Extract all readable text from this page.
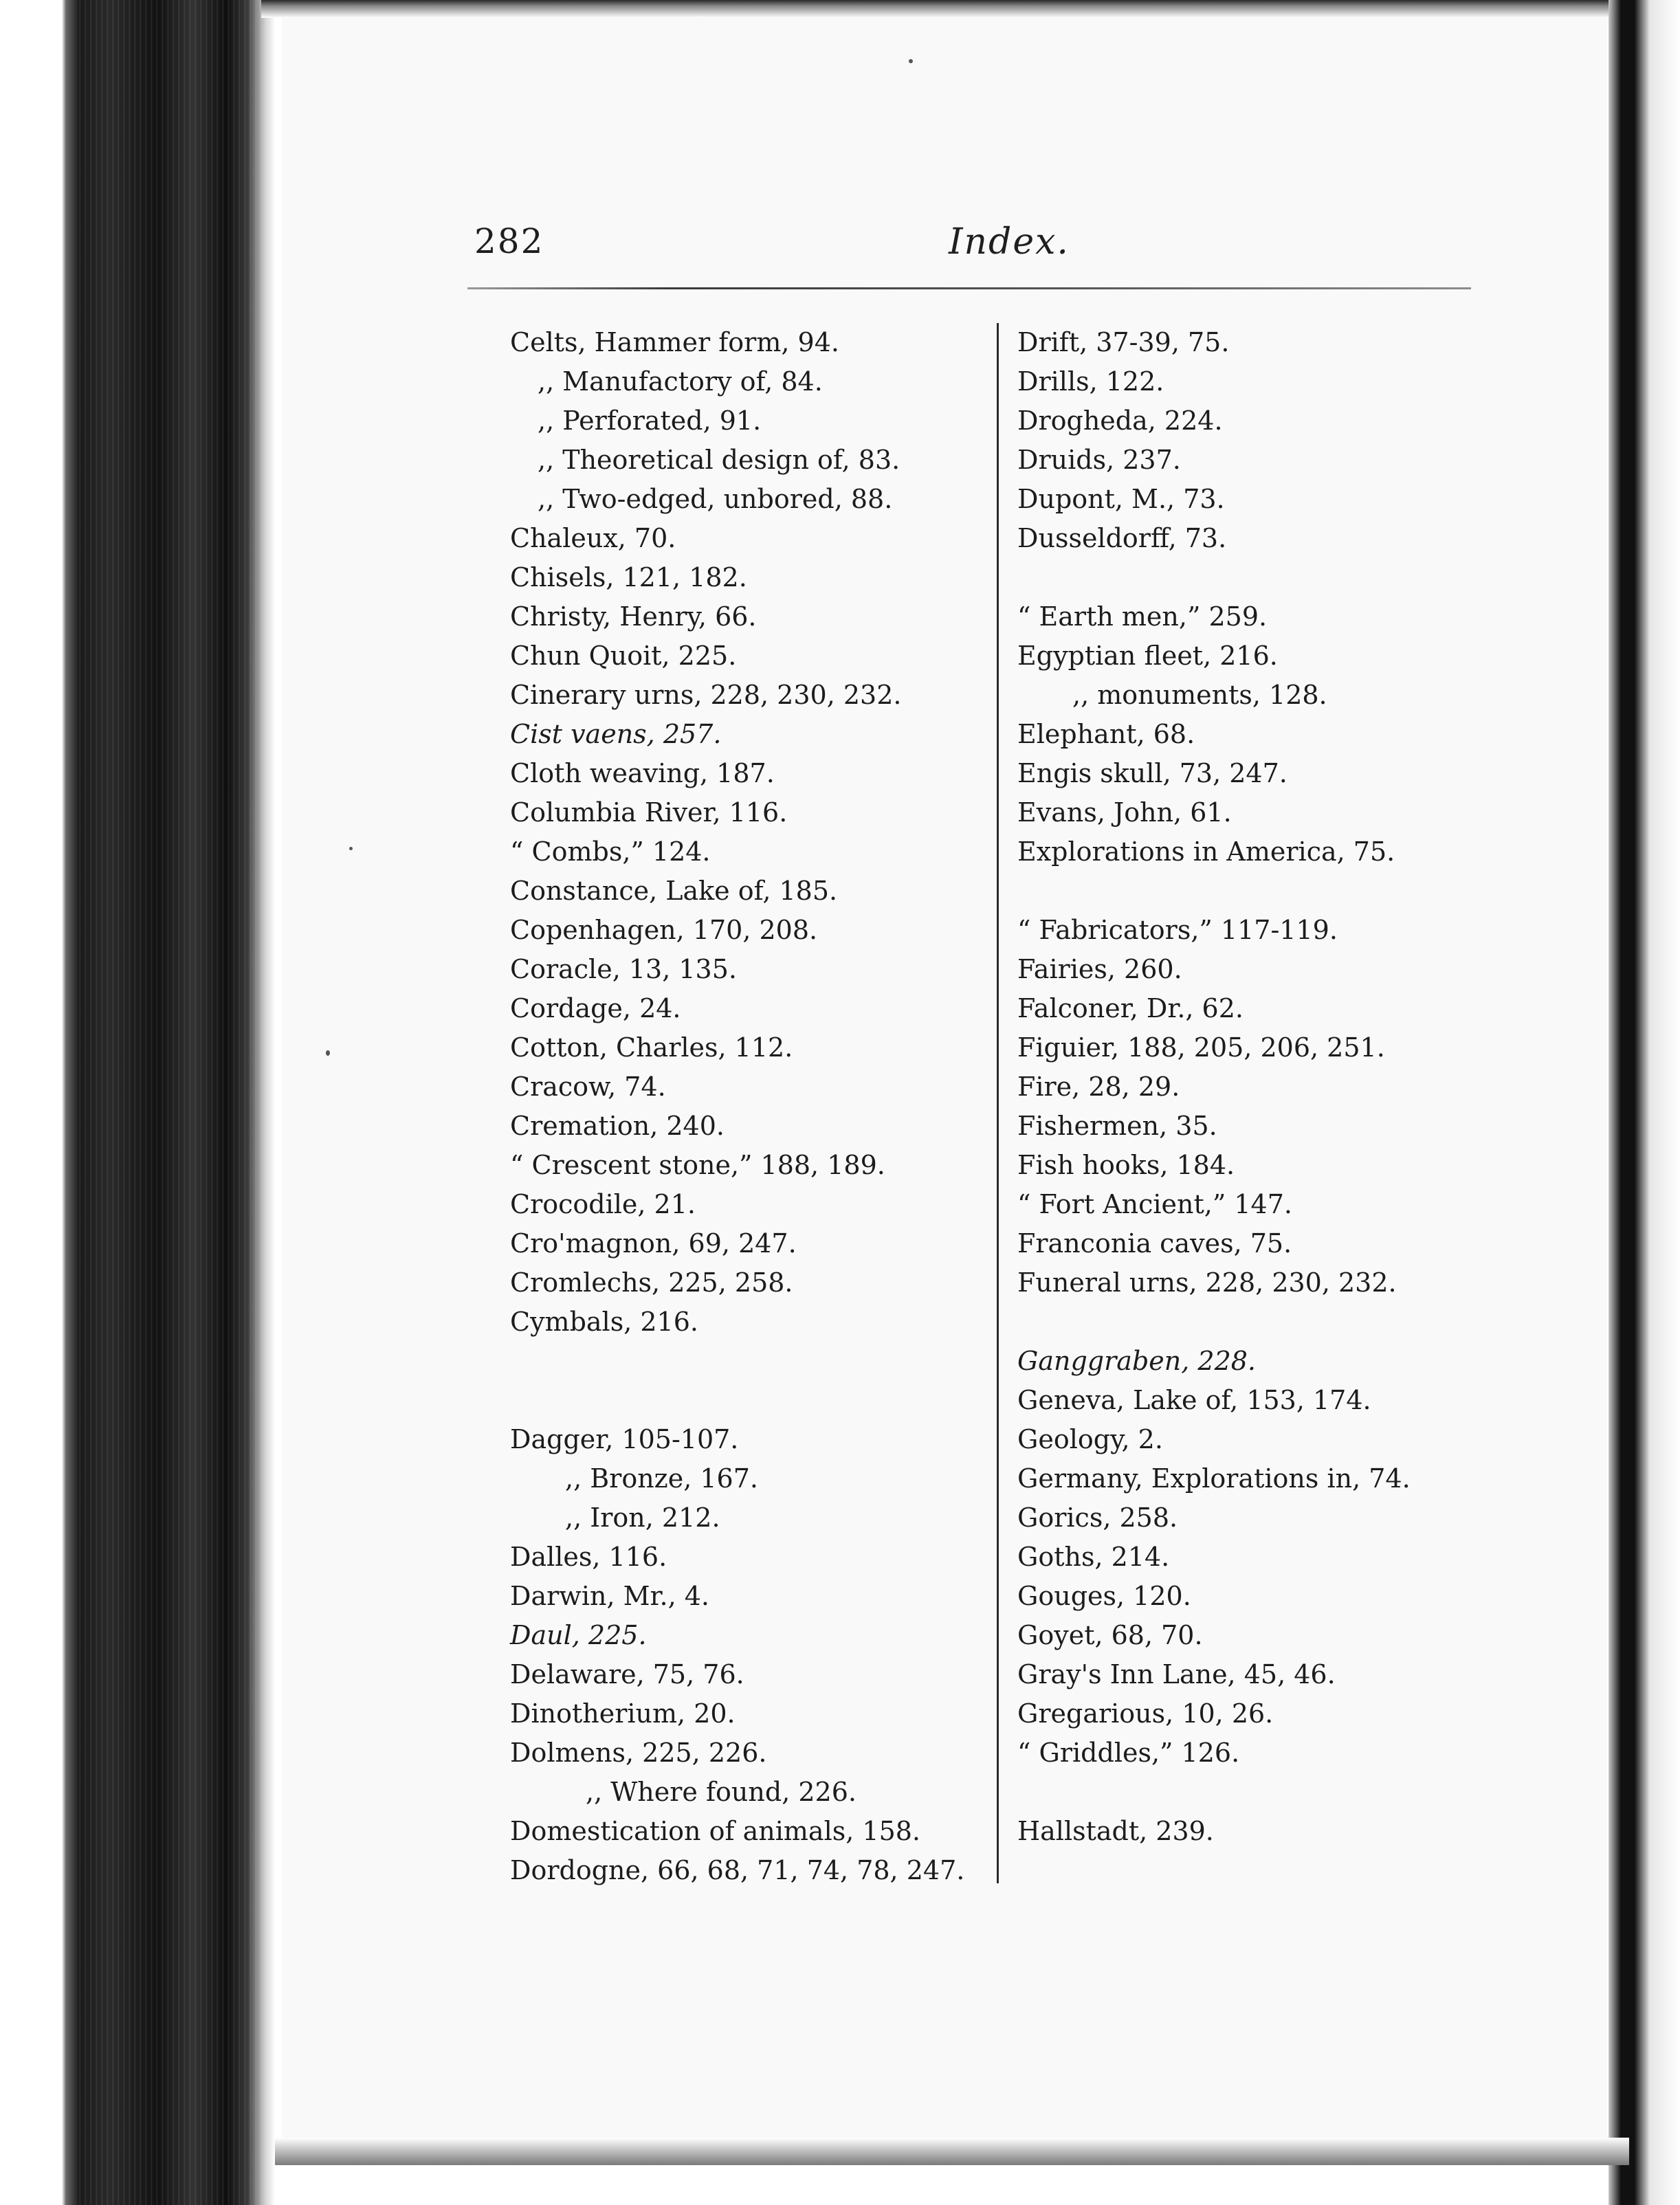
282	Index.
Celts, Hammer form, 94.
,, Manufactory of, 84.
,, Perforated, 91.
,, Theoretical design of, 83.
,, Two-edged, unbored, 88.
Chaleux, 70.
Chisels, 121, 182.
Christy, Henry, 66.
Chun Quoit, 225.
Cinerary urns, 228, 230, 232.
Cist vaens, 257.
Cloth weaving, 187.
Columbia River, 116.
“ Combs,” 124.
Constance, Lake of, 185.
Copenhagen, 170, 208.
Coracle, 13, 135.
Cordage, 24.
Cotton, Charles, 112.
Cracow, 74.
Cremation, 240.
“ Crescent stone,” 188, 189.
Crocodile, 21.
Cro'magnon, 69, 247.
Cromlechs, 225, 258.
Cymbals, 216.
Dagger, 105-107.
,, Bronze, 167.
,, Iron, 212.
Dalles, 116.
Darwin, Mr., 4.
Daul, 225.
Delaware, 75, 76.
Dinotherium, 20.
Dolmens, 225, 226.
,, Where found, 226.
Domestication of animals, 158.
Dordogne, 66, 68, 71, 74, 78, 247.
Drift, 37-39, 75.
Drills, 122.
Drogheda, 224.
Druids, 237.
Dupont, M., 73.
Dusseldorff, 73.
“ Earth men,” 259.
Egyptian fleet, 216.
,, monuments, 128.
Elephant, 68.
Engis skull, 73, 247.
Evans, John, 61.
Explorations in America, 75.
“ Fabricators,” 117-119.
Fairies, 260.
Falconer, Dr., 62.
Figuier, 188, 205, 206, 251.
Fire, 28, 29.
Fishermen, 35.
Fish hooks, 184.
“ Fort Ancient,” 147.
Franconia caves, 75.
Funeral urns, 228, 230, 232.
Ganggraben, 228.
Geneva, Lake of, 153, 174.
Geology, 2.
Germany, Explorations in, 74.
Gorics, 258.
Goths, 214.
Gouges, 120.
Goyet, 68, 70.
Gray's Inn Lane, 45, 46.
Gregarious, 10, 26.
“ Griddles,” 126.
Hallstadt, 239.
